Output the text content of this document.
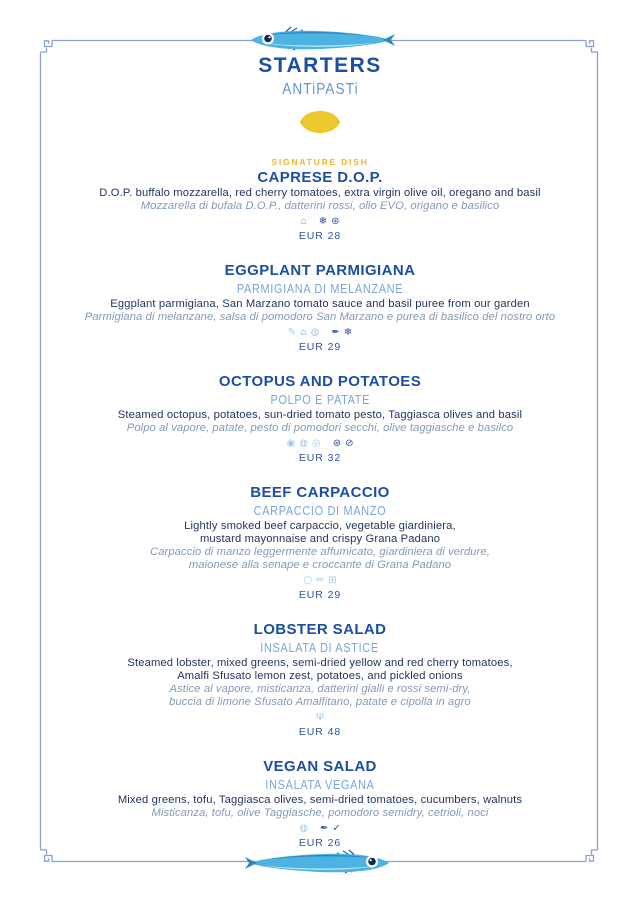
STARTERS
ANTiPASTi
SIGNATURE DISH
CAPRESE D.O.P.
D.O.P. buffalo mozzarella, red cherry tomatoes, extra virgin olive oil, oregano and basil
Mozzarella di bufala D.O.P., datterini rossi, olio EVO, origano e basilico
⌂ ❄ ⊛
EUR 28
EGGPLANT PARMIGIANA
PARMIGIANA DI MELANZANE
Eggplant parmigiana, San Marzano tomato sauce and basil puree from our garden
Parmigiana di melanzane, salsa di pomodoro San Marzano e purea di basilico del nostro orto
✎ ⌂ ◍ ✒ ❄
EUR 29
OCTOPUS AND POTATOES
POLPO E PATATE
Steamed octopus, potatoes, sun-dried tomato pesto, Taggiasca olives and basil
Polpo al vapore, patate, pesto di pomodori secchi, olive taggiasche e basilco
◉ ◍ ◎ ⊛ ⊘
EUR 32
BEEF CARPACCIO
CARPACCIO DI MANZO
Lightly smoked beef carpaccio, vegetable giardiniera,
mustard mayonnaise and crispy Grana Padano
Carpaccio di manzo leggermente affumicato, giardiniera di verdure,
maionese alla senape e croccante di Grana Padano
○ ✏ ⊞
EUR 29
LOBSTER SALAD
INSALATA DI ASTICE
Steamed lobster, mixed greens, semi-dried yellow and red cherry tomatoes,
Amalfi Sfusato lemon zest, potatoes, and pickled onions
Astice al vapore, misticanza, datterini gialli e rossi semi-dry,
buccia di limone Sfusato Amalfitano, patate e cipolla in agro
Ψ
EUR 48
VEGAN SALAD
INSALATA VEGANA
Mixed greens, tofu, Taggiasca olives, semi-dried tomatoes, cucumbers, walnuts
Misticanza, tofu, olive Taggiasche, pomodoro semidry, cetrioli, noci
◍ ✒ ✓
EUR 26
